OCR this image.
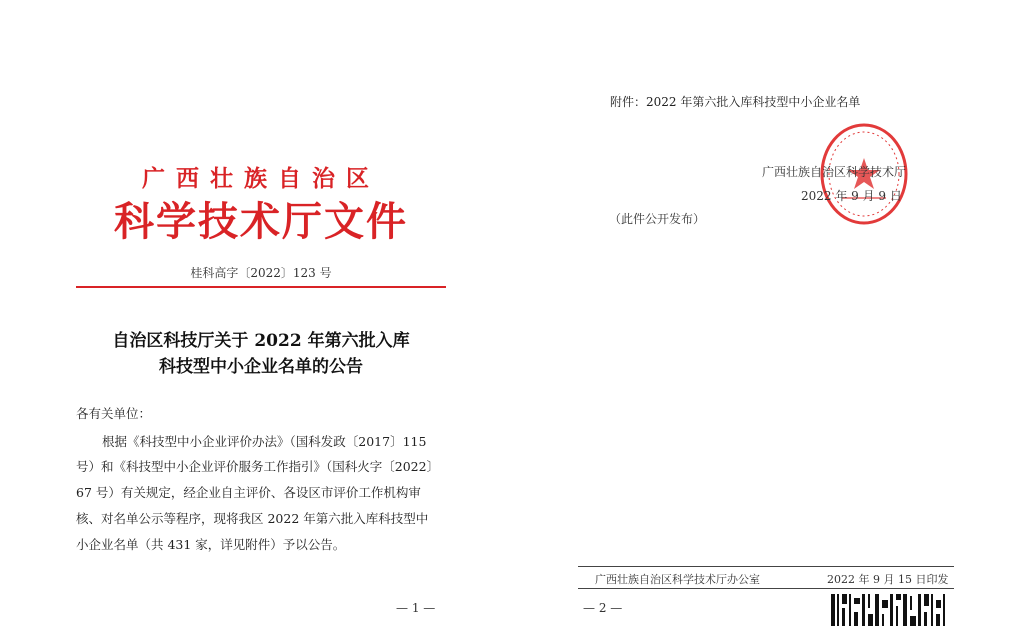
广西壮族自治区
科学技术厅文件
桂科高字〔2022〕123 号
自治区科技厅关于 2022 年第六批入库
科技型中小企业名单的公告
各有关单位：
根据《科技型中小企业评价办法》（国科发政〔2017〕115
号）和《科技型中小企业评价服务工作指引》（国科火字〔2022〕
67 号）有关规定，经企业自主评价、各设区市评价工作机构审
核、对名单公示等程序，现将我区 2022 年第六批入库科技型中
小企业名单（共 431 家，详见附件）予以公告。
— 1 —
附件：2022 年第六批入库科技型中小企业名单
广西壮族自治区科学技术厅
2022 年 9 月 9 日
（此件公开发布）
广西壮族自治区科学技术厅办公室	2022 年 9 月 15 日印发
— 2 —
